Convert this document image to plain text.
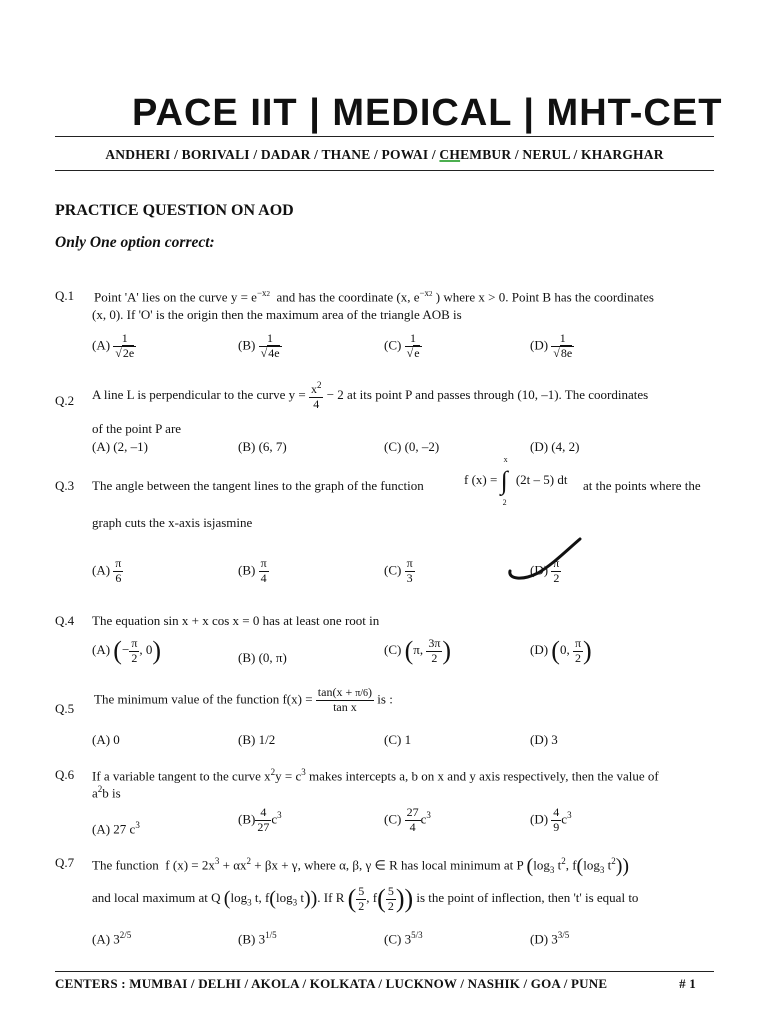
PACE IIT | MEDICAL | MHT-CET
ANDHERI / BORIVALI / DADAR / THANE / POWAI / CHEMBUR / NERUL / KHARGHAR
PRACTICE QUESTION ON AOD
Only One option correct:
Q.1 Point 'A' lies on the curve $y = e^{-x2}$ and has the coordinate (x, $e^{-x2}$ ) where x > 0. Point B has the coordinates
(x, 0). If 'O' is the origin then the maximum area of the triangle AOB is
$(A) \frac{1}{√2e}$	$(B) \frac{1}{√4e}$	$(C) \frac{1}{√e}$	$(D) \frac{1}{√8e}$
Q.2 A line L is perpendicular to the curve $y = \frac{x^2}{4} - 2$ at its point P and passes through (10, –1). The coordinates
of the point P are
(A) (2, –1)	(B) (6, 7)	(C) (0, –2)	(D) (4, 2)
Q.3 The angle between the tangent lines to the graph of the function	f (x) =
x
∫
2
(2t – 5) dt at the points where the
graph cuts the x-axis isjasmine
$(A) \frac{\pi}{6}$	$(B) \frac{\pi}{4}$	$(C) \frac{\pi}{3}$	$(D) \frac{\pi}{2}$
Q.4 The equation sin x + x cos x = 0 has at least one root in
(A) (− $\frac{\pi}{2}$ , 0)	(B) (0, π)
(C) (π, $\frac{3\pi}{2}$ )	(D) (0, $\frac{\pi}{2}$ )
Q.5
The minimum value of the function $f(x) = \frac{\tan(x + \pi/6)}{\text{tan x}}$ is :
(A) 0	(B) 1/2	(C) 1	(D) 3
Q.6 If a variable tangent to the curve $x^2y = c^3$ makes intercepts a, b on x and y axis respectively, then the value of
$a^2b$ is
(A) 27 $c^3$	$(B) \frac{4}{27} c^3$	$(C) \frac{27}{4} c^3$	$(D) \frac{4}{9} c^3$
Q.7 The function  f $(x) = 2x^3 + \alpha x^2 + \beta x + \gamma$, where α, β, γ ∈ R has local minimum at P ($\log_3$ $t^2$, $f(\log_3$ $t^2$))
and local maximum at Q ($\log_3$ t, $f(\log_3$ t)). If R ( $\frac{5}{2}$ , $f( \frac{5}{2}$ )) is the point of inflection, then 't' is equal to
(A) $3^{2/5}$	(B) $3^{1/5}$	(C) $3^{5/3}$	(D) $3^{3/5}$
CENTERS : MUMBAI / DELHI / AKOLA / KOLKATA / LUCKNOW / NASHIK / GOA / PUNE	# 1
